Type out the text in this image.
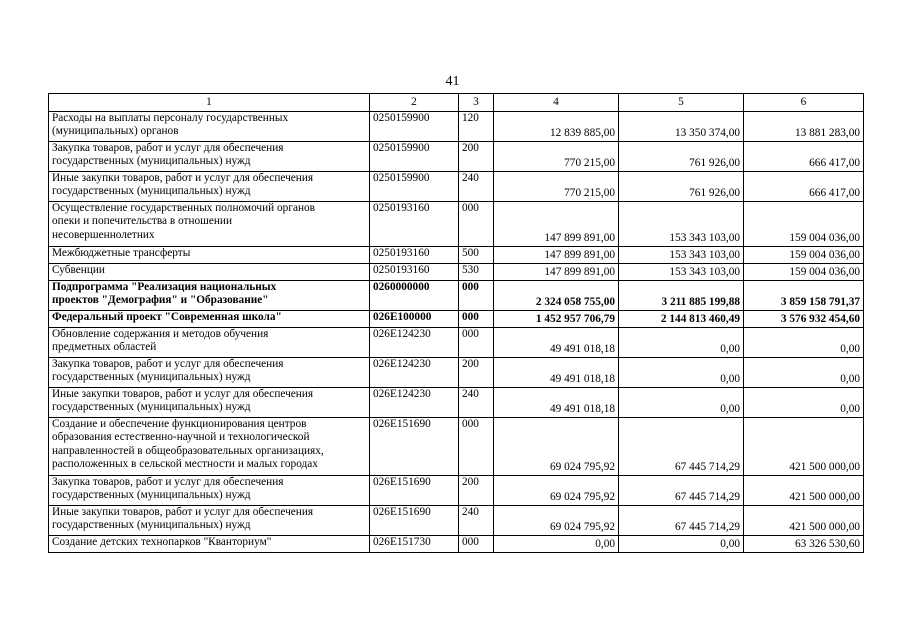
41
1	2	3	4	5	6
Расходы на выплаты персоналу государственных
(муниципальных) органов	0250159900	120	12 839 885,00	13 350 374,00	13 881 283,00
Закупка товаров, работ и услуг для обеспечения
государственных (муниципальных) нужд	0250159900	200	770 215,00	761 926,00	666 417,00
Иные закупки товаров, работ и услуг для обеспечения
государственных (муниципальных) нужд	0250159900	240	770 215,00	761 926,00	666 417,00
Осуществление государственных полномочий органов
опеки и попечительства в отношении
несовершеннолетних	0250193160	000	147 899 891,00	153 343 103,00	159 004 036,00
Межбюджетные трансферты	0250193160	500	147 899 891,00	153 343 103,00	159 004 036,00
Субвенции	0250193160	530	147 899 891,00	153 343 103,00	159 004 036,00
Подпрограмма "Реализация национальных
проектов "Демография" и "Образование"	0260000000	000	2 324 058 755,00	3 211 885 199,88	3 859 158 791,37
Федеральный проект "Современная школа"	026E100000	000	1 452 957 706,79	2 144 813 460,49	3 576 932 454,60
Обновление содержания и методов обучения
предметных областей	026E124230	000	49 491 018,18	0,00	0,00
Закупка товаров, работ и услуг для обеспечения
государственных (муниципальных) нужд	026E124230	200	49 491 018,18	0,00	0,00
Иные закупки товаров, работ и услуг для обеспечения
государственных (муниципальных) нужд	026E124230	240	49 491 018,18	0,00	0,00
Создание и обеспечение функционирования центров
образования естественно-научной и технологической
направленностей в общеобразовательных организациях,
расположенных в сельской местности и малых городах	026E151690	000	69 024 795,92	67 445 714,29	421 500 000,00
Закупка товаров, работ и услуг для обеспечения
государственных (муниципальных) нужд	026E151690	200	69 024 795,92	67 445 714,29	421 500 000,00
Иные закупки товаров, работ и услуг для обеспечения
государственных (муниципальных) нужд	026E151690	240	69 024 795,92	67 445 714,29	421 500 000,00
Создание детских технопарков "Кванториум"	026E151730	000	0,00	0,00	63 326 530,60
